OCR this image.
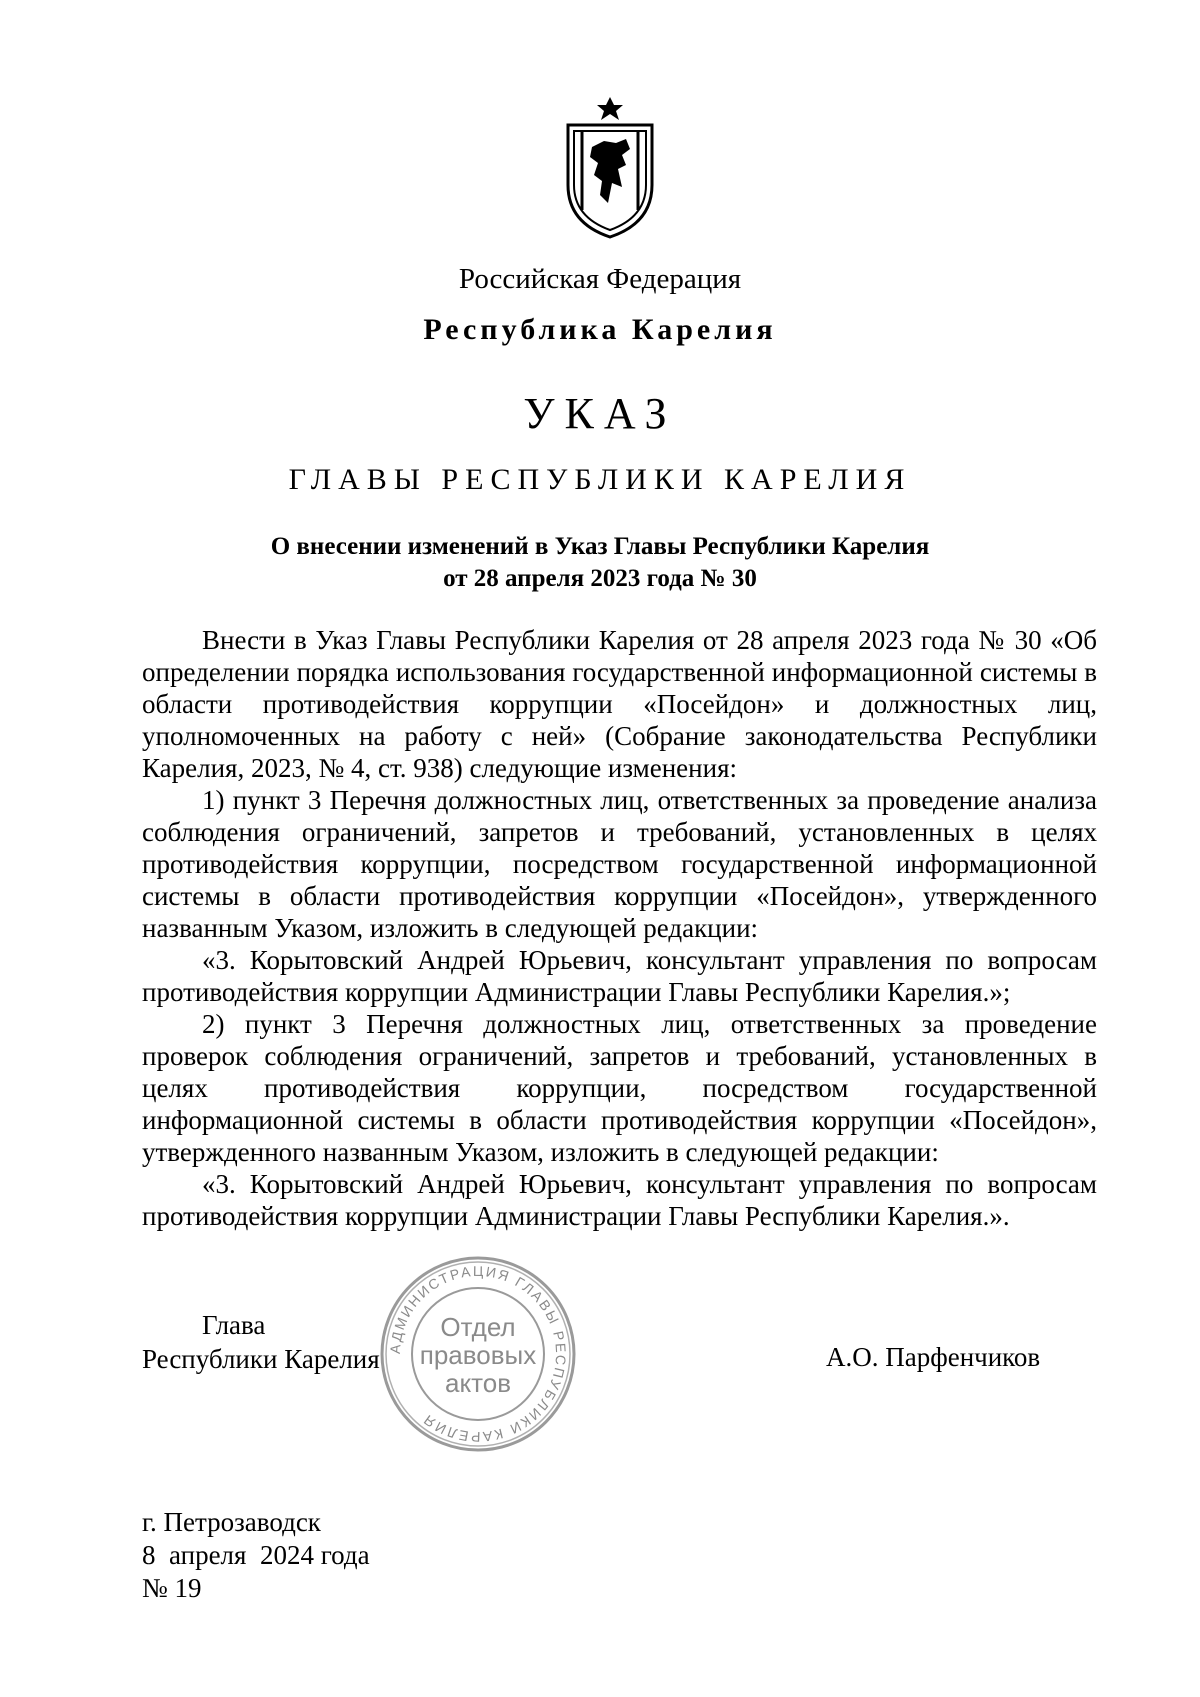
Российская Федерация
Республика Карелия
УКАЗ
ГЛАВЫ РЕСПУБЛИКИ КАРЕЛИЯ
О внесении изменений в Указ Главы Республики Карелия
от 28 апреля 2023 года № 30

Внести в Указ Главы Республики Карелия от 28 апреля 2023 года № 30 «Об определении порядка использования государственной информационной системы в области противодействия коррупции «Посейдон» и должностных лиц, уполномоченных на работу с ней» (Собрание законодательства Республики Карелия, 2023, № 4, ст. 938) следующие изменения:

1) пункт 3 Перечня должностных лиц, ответственных за проведение анализа соблюдения ограничений, запретов и требований, установленных в целях противодействия коррупции, посредством государственной информационной системы в области противодействия коррупции «Посейдон», утвержденного названным Указом, изложить в следующей редакции:

«3. Корытовский Андрей Юрьевич, консультант управления по вопросам противодействия коррупции Администрации Главы Республики Карелия.»;

2) пункт 3 Перечня должностных лиц, ответственных за проведение проверок соблюдения ограничений, запретов и требований, установленных в целях противодействия коррупции, посредством государственной информационной системы в области противодействия коррупции «Посейдон», утвержденного названным Указом, изложить в следующей редакции:

«3. Корытовский Андрей Юрьевич, консультант управления по вопросам противодействия коррупции Администрации Главы Республики Карелия.».

Глава
Республики Карелия	А.О. Парфенчиков
АДМИНИСТРАЦИЯ ГЛАВЫ РЕСПУБЛИКИ КАРЕЛИЯ
Отдел
правовых
актов
г. Петрозаводск
8  апреля  2024 года
№ 19
